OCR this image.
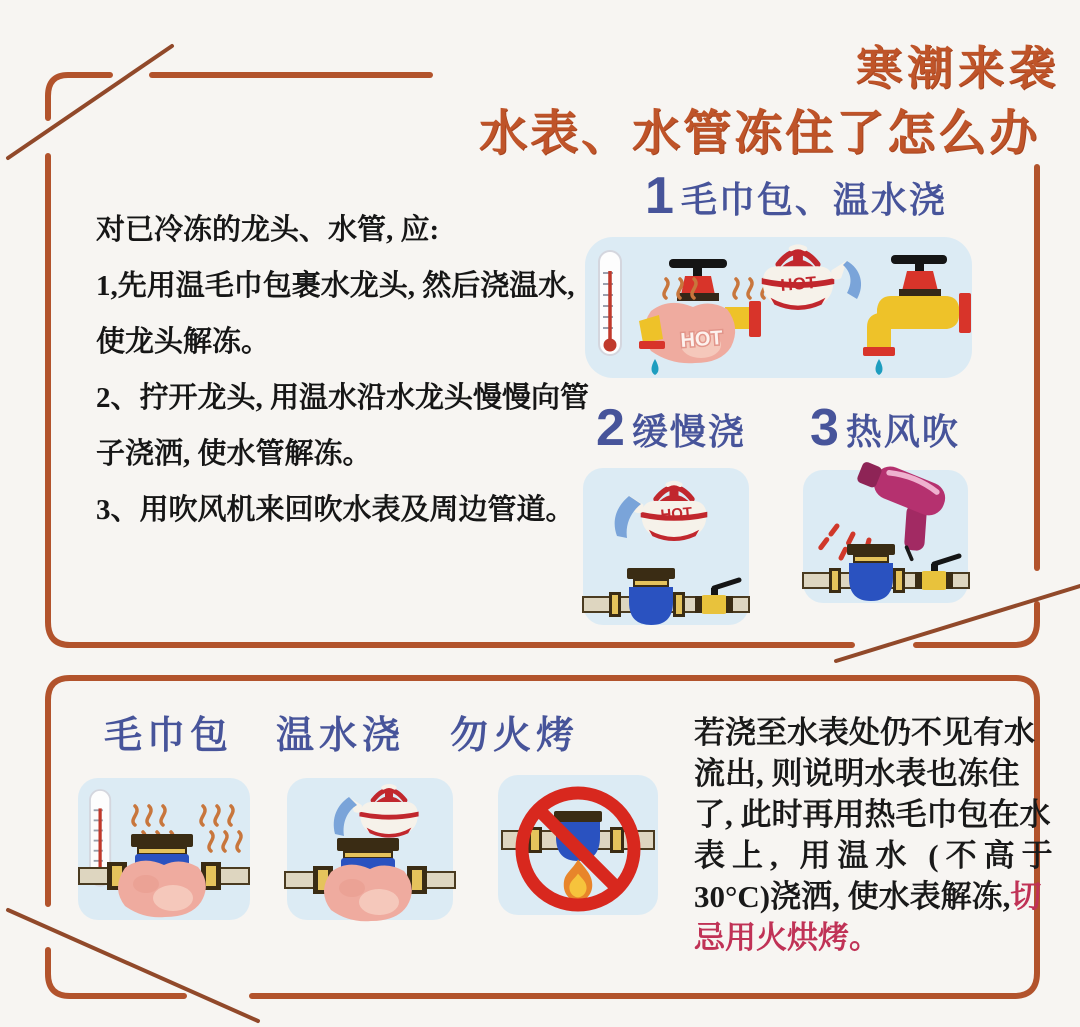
寒潮来袭
水表、水管冻住了怎么办
对已冷冻的龙头、水管, 应:
1,先用温毛巾包裹水龙头, 然后浇温水,
使龙头解冻。
2、拧开龙头, 用温水沿水龙头慢慢向管
子浇洒, 使水管解冻。
3、用吹风机来回吹水表及周边管道。
1 毛巾包、温水浇
2 缓慢浇 3 热风吹
HOT
HOT
HOT
毛巾包 温水浇 勿火烤	若浇至水表处仍不见有水
流出, 则说明水表也冻住
了, 此时再用热毛巾包在水
表上, 用温水 (不高于
30°C)浇洒, 使水表解冻,切
忌用火烘烤。
